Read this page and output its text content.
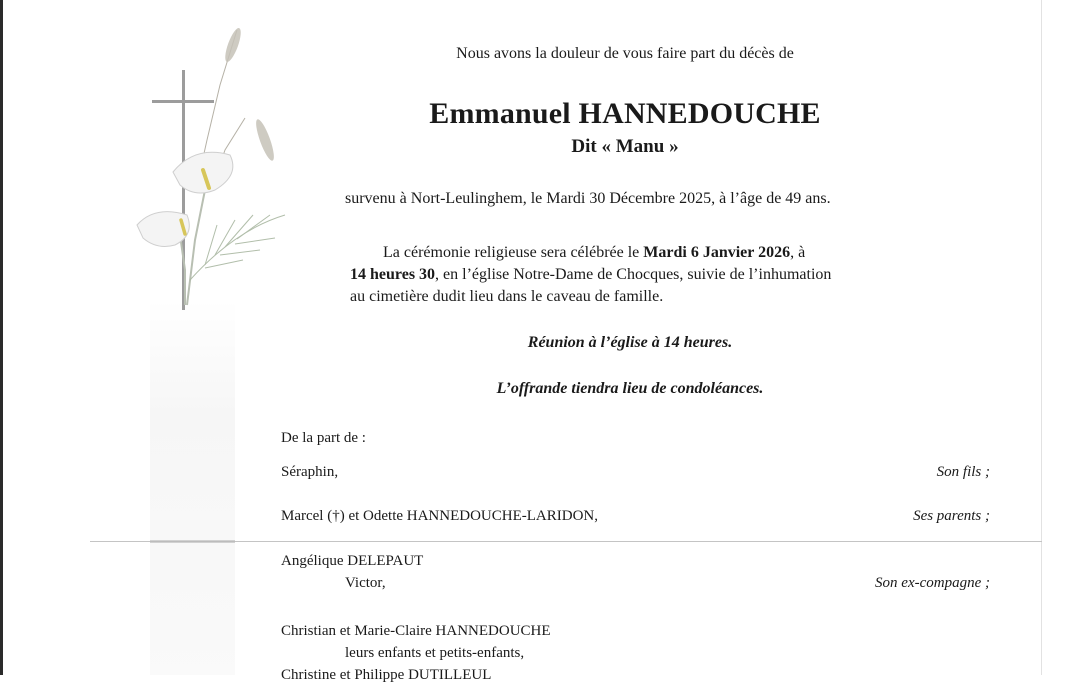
Nous avons la douleur de vous faire part du décès de
Emmanuel HANNEDOUCHE
Dit « Manu »
survenu à Nort-Leulinghem, le Mardi 30 Décembre 2025, à l’âge de 49 ans.
La cérémonie religieuse sera célébrée le Mardi 6 Janvier 2026, à
14 heures 30, en l’église Notre-Dame de Chocques, suivie de l’inhumation
au cimetière dudit lieu dans le caveau de famille.
Réunion à l’église à 14 heures.
L’offrande tiendra lieu de condoléances.
De la part de :
Séraphin,	Son fils ;
Marcel (†) et Odette HANNEDOUCHE-LARIDON,	Ses parents ;
Angélique DELEPAUT
Victor,	Son ex-compagne ;
Christian et Marie-Claire HANNEDOUCHE
leurs enfants et petits-enfants,
Christine et Philippe DUTILLEUL
